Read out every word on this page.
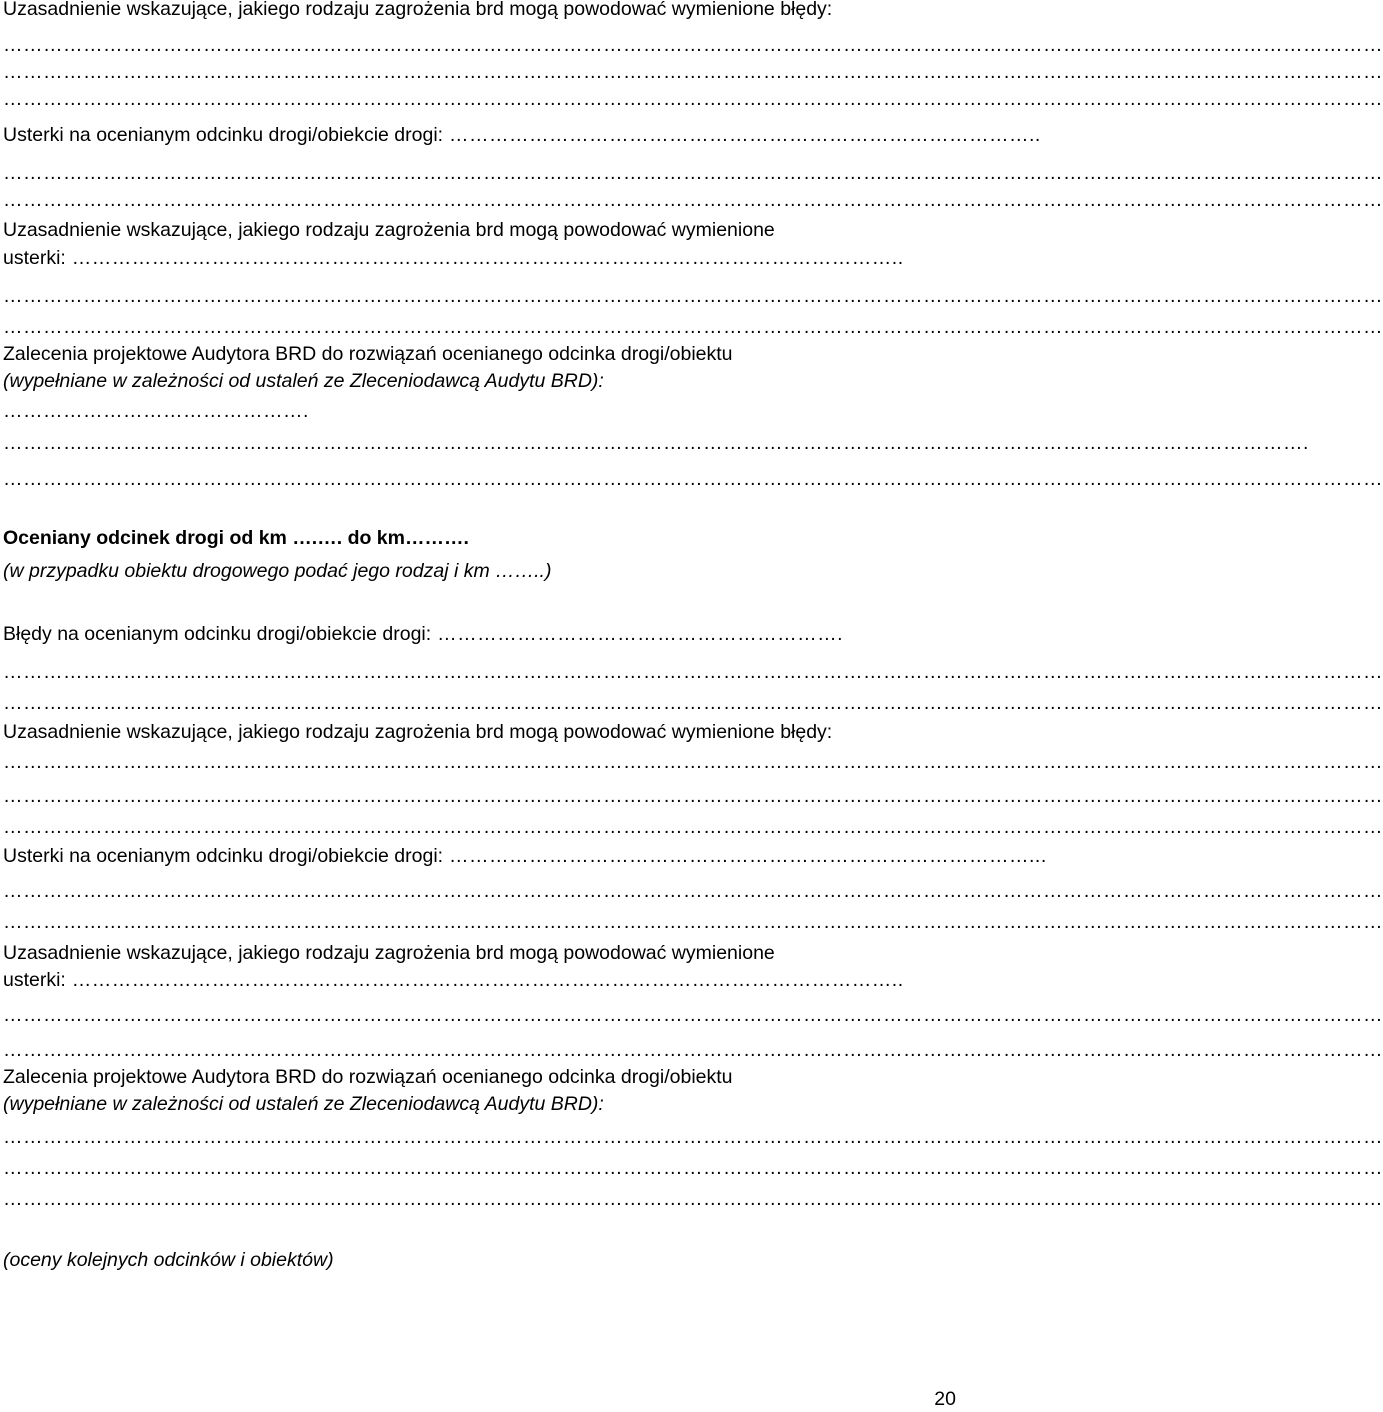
Uzasadnienie wskazujące, jakiego rodzaju zagrożenia brd mogą powodować wymienione błędy:
………………………………………………………………………………………………………………………………………………………………………………………
………………………………………………………………………………………………………………………………………………………………………………………
………………………………………………………………………………………………………………………………………………………………………………………
Usterki na ocenianym odcinku drogi/obiekcie drogi: ……………………………………………………………………………..
………………………………………………………………………………………………………………………………………………………………………………………
………………………………………………………………………………………………………………………………………………………………………………………
Uzasadnienie wskazujące, jakiego rodzaju zagrożenia brd mogą powodować wymienione
usterki: ……………………………………………………………………………………………………………..
………………………………………………………………………………………………………………………………………………………………………………………
………………………………………………………………………………………………………………………………………………………………………………………
Zalecenia projektowe Audytora BRD do rozwiązań ocenianego odcinka drogi/obiektu
(wypełniane w zależności od ustaleń ze Zleceniodawcą Audytu BRD):
……………………………………….
…………………………………………………………………………………………………………………………………………………………………………….
………………………………………………………………………………………………………………………………………………………………………………………
Oceniany odcinek drogi od km ….…. do km……….
(w przypadku obiektu drogowego podać jego rodzaj i km ……..)
Błędy na ocenianym odcinku drogi/obiekcie drogi: …………………………………………………….
………………………………………………………………………………………………………………………………………………………………………………………
………………………………………………………………………………………………………………………………………………………………………………………
Uzasadnienie wskazujące, jakiego rodzaju zagrożenia brd mogą powodować wymienione błędy:
………………………………………………………………………………………………………………………………………………………………………………………
………………………………………………………………………………………………………………………………………………………………………………………
………………………………………………………………………………………………………………………………………………………………………………………
Usterki na ocenianym odcinku drogi/obiekcie drogi: ……………………………………………………………………………...
………………………………………………………………………………………………………………………………………………………………………………………
………………………………………………………………………………………………………………………………………………………………………………………
Uzasadnienie wskazujące, jakiego rodzaju zagrożenia brd mogą powodować wymienione
usterki: ……………………………………………………………………………………………………………..
………………………………………………………………………………………………………………………………………………………………………………………
………………………………………………………………………………………………………………………………………………………………………………………
Zalecenia projektowe Audytora BRD do rozwiązań ocenianego odcinka drogi/obiektu
(wypełniane w zależności od ustaleń ze Zleceniodawcą Audytu BRD):
………………………………………………………………………………………………………………………………………………………………………………………
………………………………………………………………………………………………………………………………………………………………………………………
………………………………………………………………………………………………………………………………………………………………………………………
(oceny kolejnych odcinków i obiektów)
20
